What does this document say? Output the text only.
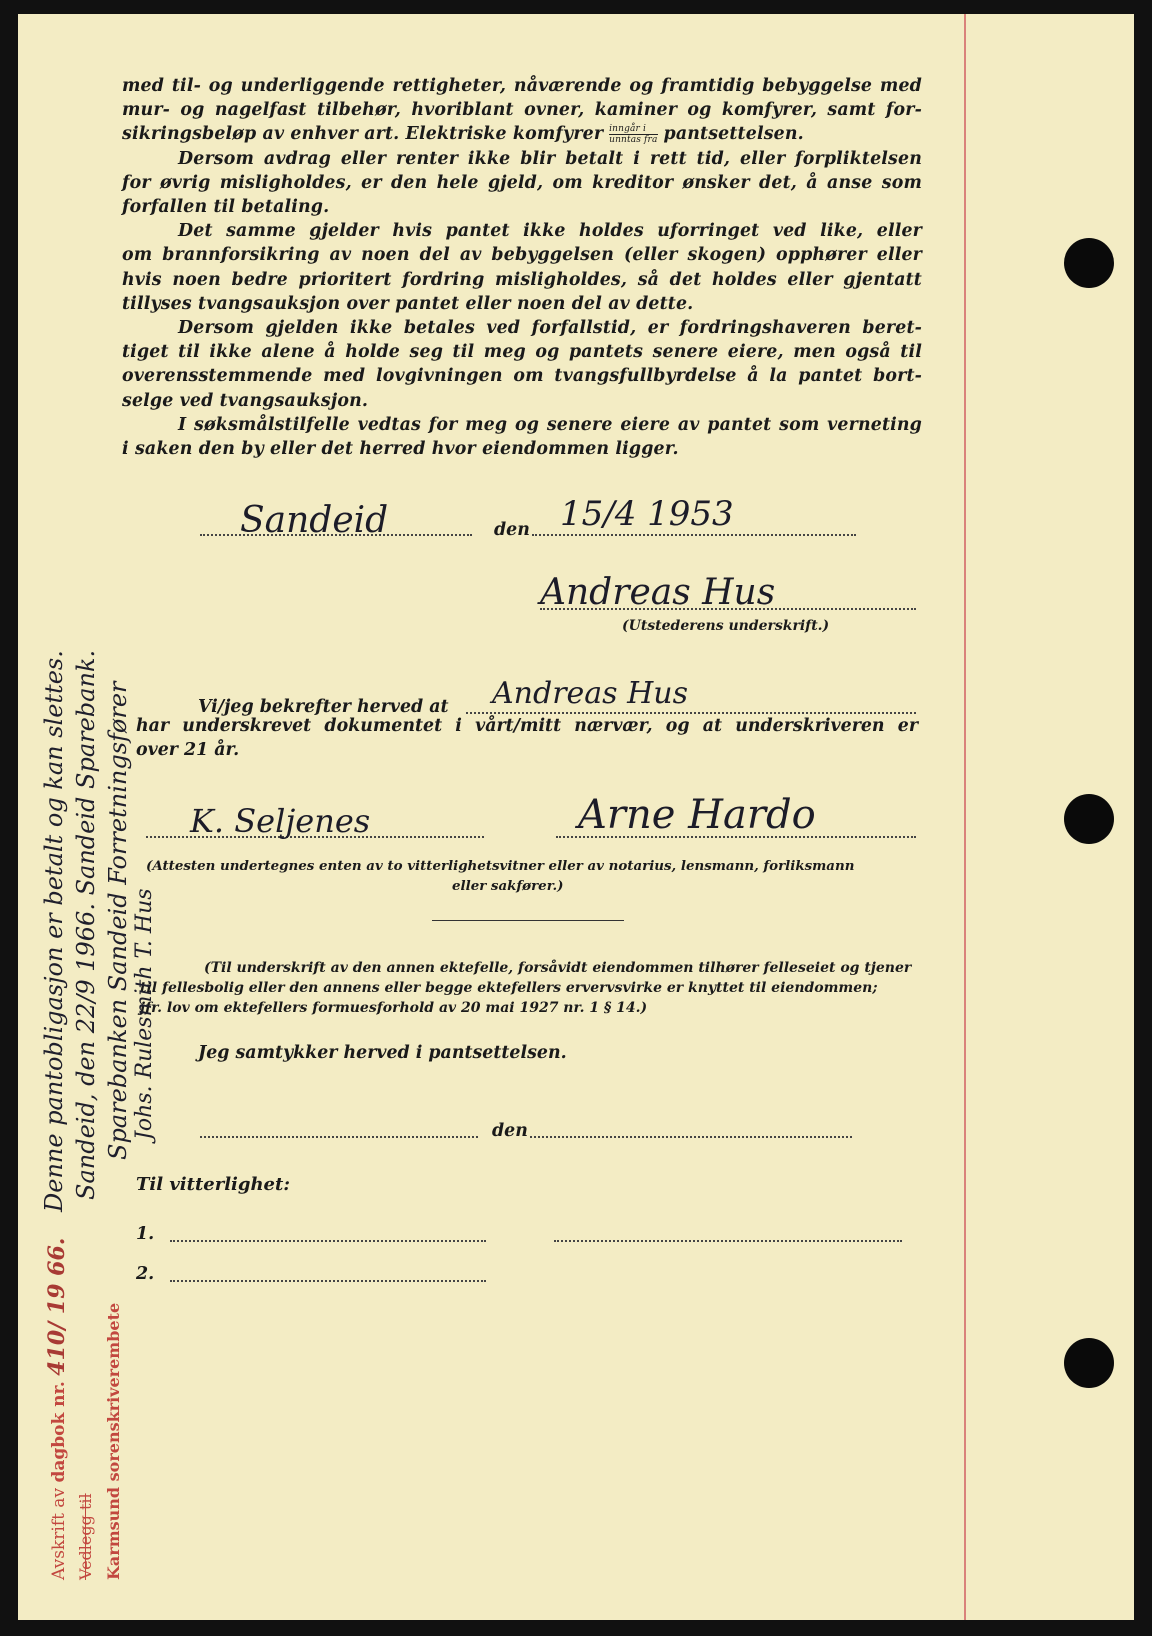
med til- og underliggende rettigheter, nåværende og framtidig bebyggelse med

mur- og nagelfast tilbehør, hvoriblant ovner, kaminer og komfyrer, samt for-

sikringsbeløp av enhver art. Elektriske komfyrer $\frac{\text{inngår i}}{\text{unntas fra}}$ pantsettelsen.

Dersom avdrag eller renter ikke blir betalt i rett tid, eller forpliktelsen

for øvrig misligholdes, er den hele gjeld, om kreditor ønsker det, å anse som

forfallen til betaling.

Det samme gjelder hvis pantet ikke holdes uforringet ved like, eller

om brannforsikring av noen del av bebyggelsen (eller skogen) opphører eller

hvis noen bedre prioritert fordring misligholdes, så det holdes eller gjentatt

tillyses tvangsauksjon over pantet eller noen del av dette.

Dersom gjelden ikke betales ved forfallstid, er fordringshaveren beret-

tiget til ikke alene å holde seg til meg og pantets senere eiere, men også til

overensstemmende med lovgivningen om tvangsfullbyrdelse å la pantet bort-

selge ved tvangsauksjon.

I søksmålstilfelle vedtas for meg og senere eiere av pantet som verneting

i saken den by eller det herred hvor eiendommen ligger.

Sandeid	den 15/4 1953
Andreas Hus
(Utstederens underskrift.)
Vi/jeg bekrefter herved at Andreas Hus
har underskrevet dokumentet i vårt/mitt nærvær, og at underskriveren er
over 21 år.
K. Seljenes	Arne Hardo
(Attesten undertegnes enten av to vitterlighetsvitner eller av notarius, lensmann, forliksmann
eller sakfører.)
(Til underskrift av den annen ektefelle, forsåvidt eiendommen tilhører felleseiet og tjener
til fellesbolig eller den annens eller begge ektefellers ervervsvirke er knyttet til eiendommen;
jfr. lov om ektefellers formuesforhold av 20 mai 1927 nr. 1 § 14.)
Jeg samtykker herved i pantsettelsen.
den
Til vitterlighet:
1.
2.
Denne pantobligasjon er betalt og kan slettes. Sandeid, den 22/9 1966. Sandeid Sparebank. Sparebanken Sandeid Forretningsfører Johs. Rulesmith T. Hus
Avskrift av dagbok nr. 410/ 19 66.
Vedlegg til Karmsund sorenskriverembete
